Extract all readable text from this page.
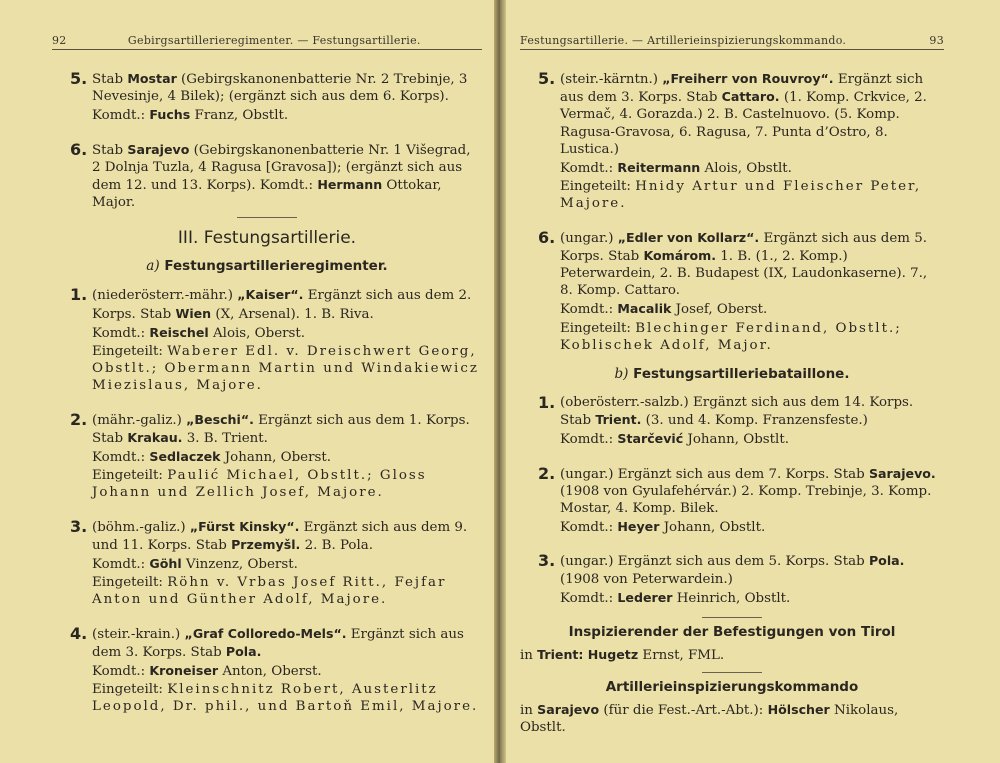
92	Gebirgsartillerieregimenter. — Festungsartillerie.
5. Stab Mostar (Gebirgskanonenbatterie Nr. 2 Trebinje, 3 Nevesinje, 4 Bilek); (ergänzt sich aus dem 6. Korps).
Komdt.: Fuchs Franz, Obstlt.
6. Stab Sarajevo (Gebirgskanonenbatterie Nr. 1 Višegrad, 2 Dolnja Tuzla, 4 Ragusa [Gravosa]); (ergänzt sich aus dem 12. und 13. Korps). Komdt.: Hermann Ottokar, Major.
III. Festungsartillerie.
a) Festungsartillerieregimenter.
1. (niederösterr.-mähr.) „Kaiser“. Ergänzt sich aus dem 2. Korps. Stab Wien (X, Arsenal). 1. B. Riva.
Komdt.: Reischel Alois, Oberst.
Eingeteilt: Waberer Edl. v. Dreischwert Georg, Obstlt.; Obermann Martin und Windakiewicz Miezislaus, Majore.
2. (mähr.-galiz.) „Beschi“. Ergänzt sich aus dem 1. Korps. Stab Krakau. 3. B. Trient.
Komdt.: Sedlaczek Johann, Oberst.
Eingeteilt: Paulić Michael, Obstlt.; Gloss Johann und Zellich Josef, Majore.
3. (böhm.-galiz.) „Fürst Kinsky“. Ergänzt sich aus dem 9. und 11. Korps. Stab Przemyšl. 2. B. Pola.
Komdt.: Göhl Vinzenz, Oberst.
Eingeteilt: Röhn v. Vrbas Josef Ritt., Fejfar Anton und Günther Adolf, Majore.
4. (steir.-krain.) „Graf Colloredo-Mels“. Ergänzt sich aus dem 3. Korps. Stab Pola.
Komdt.: Kroneiser Anton, Oberst.
Eingeteilt: Kleinschnitz Robert, Austerlitz Leopold, Dr. phil., und Bartoň Emil, Majore.
Festungsartillerie. — Artillerieinspizierungskommando.	93
5. (steir.-kärntn.) „Freiherr von Rouvroy“. Ergänzt sich aus dem 3. Korps. Stab Cattaro. (1. Komp. Crkvice, 2. Vermač, 4. Gorazda.) 2. B. Castelnuovo. (5. Komp. Ragusa-Gravosa, 6. Ragusa, 7. Punta d’Ostro, 8. Lustica.)
Komdt.: Reitermann Alois, Obstlt.
Eingeteilt: Hnidy Artur und Fleischer Peter, Majore.
6. (ungar.) „Edler von Kollarz“. Ergänzt sich aus dem 5. Korps. Stab Komárom. 1. B. (1., 2. Komp.) Peterwardein, 2. B. Budapest (IX, Laudonkaserne). 7., 8. Komp. Cattaro.
Komdt.: Macalik Josef, Oberst.
Eingeteilt: Blechinger Ferdinand, Obstlt.; Koblischek Adolf, Major.
b) Festungsartilleriebataillone.
1. (oberösterr.-salzb.) Ergänzt sich aus dem 14. Korps. Stab Trient. (3. und 4. Komp. Franzensfeste.)
Komdt.: Starčević Johann, Obstlt.
2. (ungar.) Ergänzt sich aus dem 7. Korps. Stab Sarajevo. (1908 von Gyulafehérvár.) 2. Komp. Trebinje, 3. Komp. Mostar, 4. Komp. Bilek.
Komdt.: Heyer Johann, Obstlt.
3. (ungar.) Ergänzt sich aus dem 5. Korps. Stab Pola. (1908 von Peterwardein.)
Komdt.: Lederer Heinrich, Obstlt.
Inspizierender der Befestigungen von Tirol
in Trient: Hugetz Ernst, FML.
Artillerieinspizierungskommando
in Sarajevo (für die Fest.-Art.-Abt.): Hölscher Nikolaus, Obstlt.
